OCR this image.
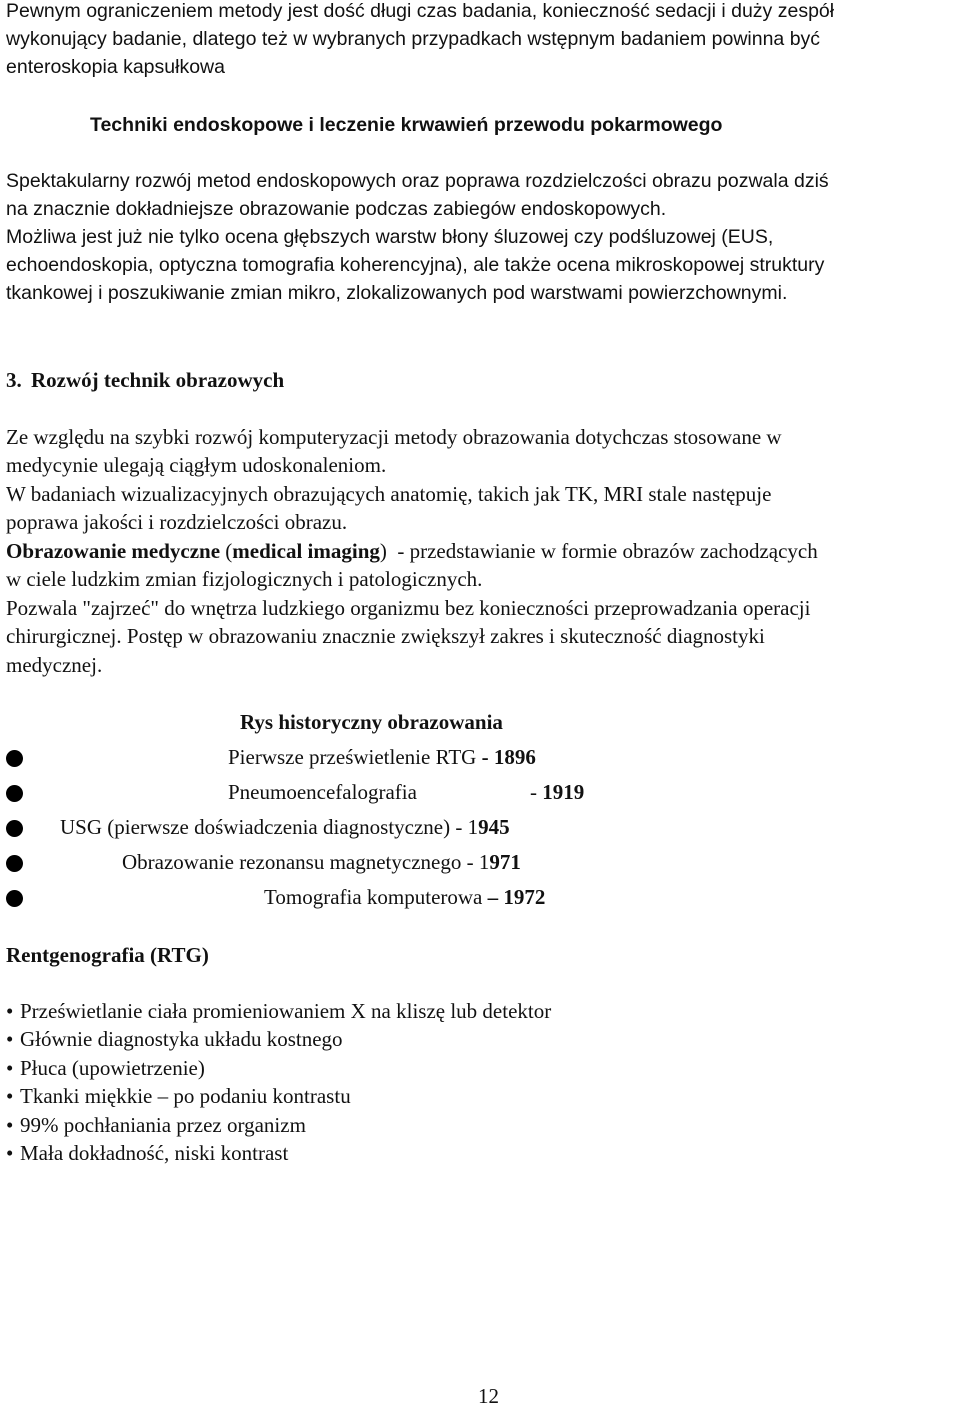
Pewnym ograniczeniem metody jest dość długi czas badania, konieczność sedacji i duży zespół
wykonujący badanie, dlatego też w wybranych przypadkach wstępnym badaniem powinna być
enteroskopia kapsułkowa
Techniki endoskopowe i leczenie krwawień przewodu pokarmowego
Spektakularny rozwój metod endoskopowych oraz poprawa rozdzielczości obrazu pozwala dziś
na znacznie dokładniejsze obrazowanie podczas zabiegów endoskopowych.
Możliwa jest już nie tylko ocena głębszych warstw błony śluzowej czy podśluzowej (EUS,
echoendoskopia, optyczna tomografia koherencyjna), ale także ocena mikroskopowej struktury
tkankowej i poszukiwanie zmian mikro, zlokalizowanych pod warstwami powierzchownymi.
3. Rozwój technik obrazowych
Ze względu na szybki rozwój komputeryzacji metody obrazowania dotychczas stosowane w
medycynie ulegają ciągłym udoskonaleniom.
W badaniach wizualizacyjnych obrazujących anatomię, takich jak TK, MRI stale następuje
poprawa jakości i rozdzielczości obrazu.
Obrazowanie medyczne (medical imaging)  - przedstawianie w formie obrazów zachodzących
w ciele ludzkim zmian fizjologicznych i patologicznych.
Pozwala "zajrzeć" do wnętrza ludzkiego organizmu bez konieczności przeprowadzania operacji
chirurgicznej. Postęp w obrazowaniu znacznie zwiększył zakres i skuteczność diagnostyki
medycznej.
Rys historyczny obrazowania
Pierwsze prześwietlenie RTG - 1896
Pneumoencefalografia	- 1919
USG (pierwsze doświadczenia diagnostyczne) - 1945
Obrazowanie rezonansu magnetycznego - 1971
Tomografia komputerowa – 1972
Rentgenografia (RTG)
• Prześwietlanie ciała promieniowaniem X na kliszę lub detektor
• Głównie diagnostyka układu kostnego
• Płuca (upowietrzenie)
• Tkanki miękkie – po podaniu kontrastu
• 99% pochłaniania przez organizm
• Mała dokładność, niski kontrast
12
